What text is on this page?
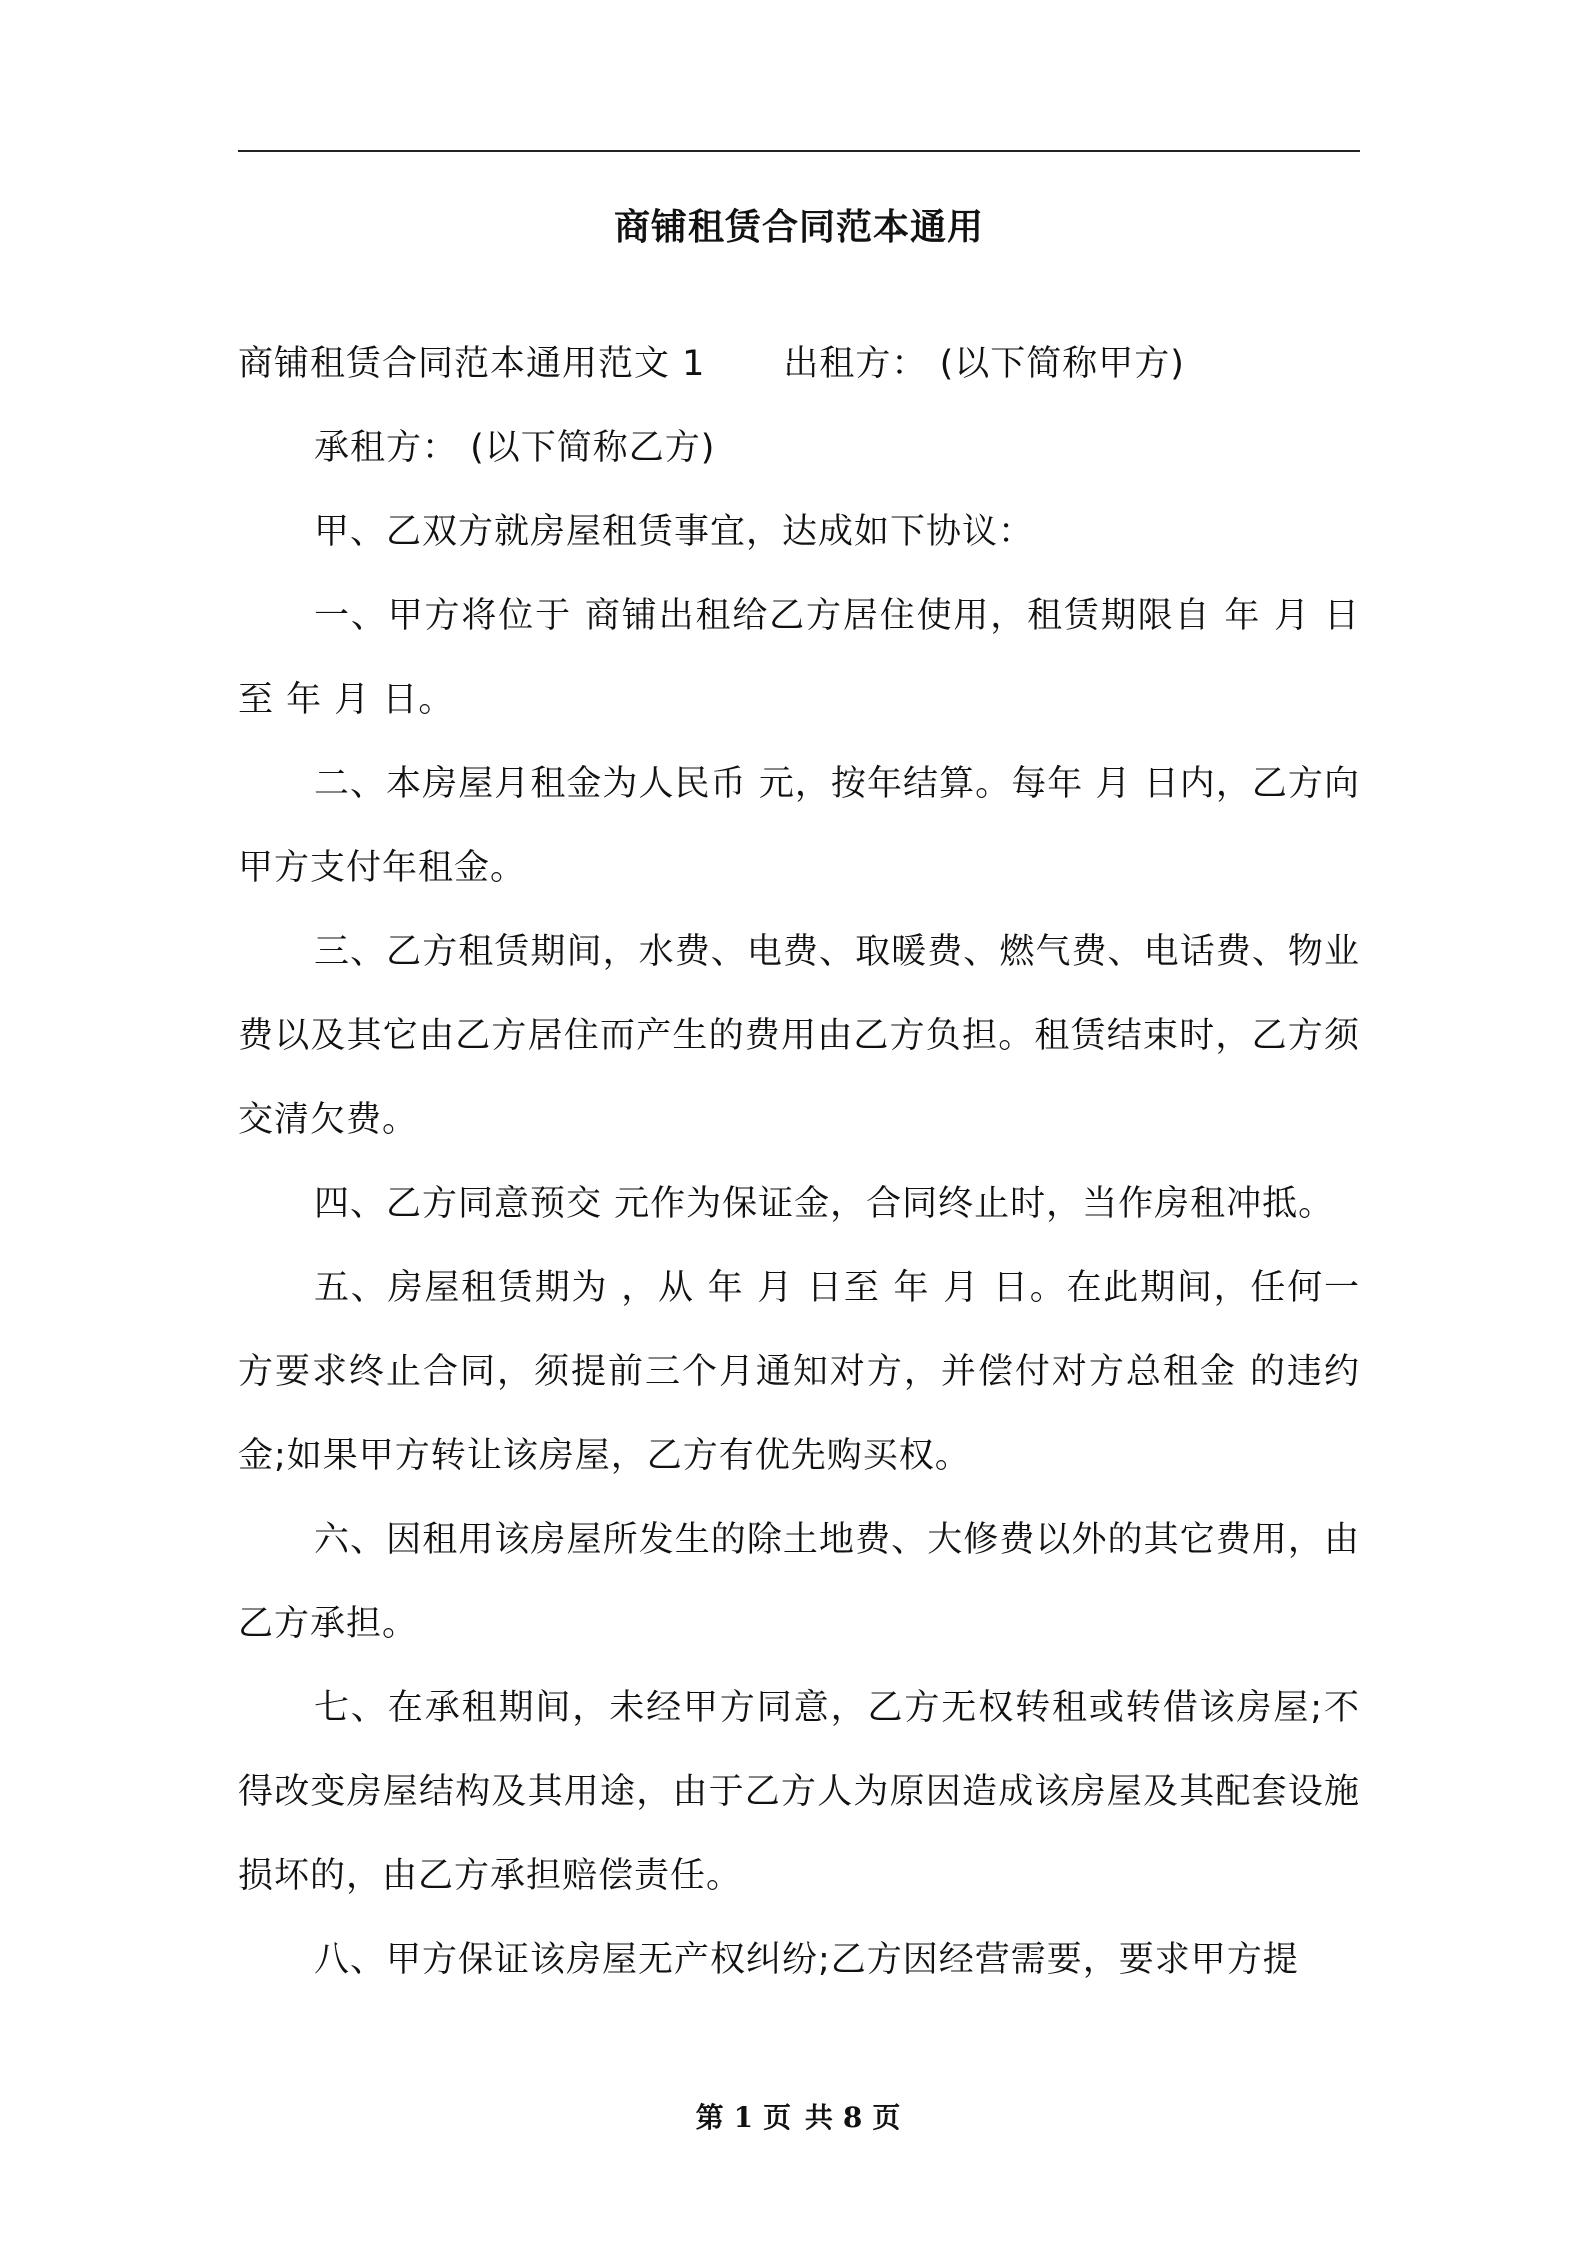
商铺租赁合同范本通用

商铺租赁合同范本通用范文 1 出租方： (以下简称甲方)

承租方： (以下简称乙方)

甲、乙双方就房屋租赁事宜，达成如下协议：

一、甲方将位于 商铺出租给乙方居住使用，租赁期限自 年 月 日至 年 月 日。

二、本房屋月租金为人民币 元，按年结算。每年 月 日内，乙方向甲方支付年租金。

三、乙方租赁期间，水费、电费、取暖费、燃气费、电话费、物业费以及其它由乙方居住而产生的费用由乙方负担。租赁结束时，乙方须交清欠费。

四、乙方同意预交 元作为保证金，合同终止时，当作房租冲抵。

五、房屋租赁期为 ，从 年 月 日至 年 月 日。在此期间，任何一方要求终止合同，须提前三个月通知对方，并偿付对方总租金 的违约金;如果甲方转让该房屋，乙方有优先购买权。

六、因租用该房屋所发生的除土地费、大修费以外的其它费用，由乙方承担。

七、在承租期间，未经甲方同意，乙方无权转租或转借该房屋;不得改变房屋结构及其用途，由于乙方人为原因造成该房屋及其配套设施损坏的，由乙方承担赔偿责任。

八、甲方保证该房屋无产权纠纷;乙方因经营需要，要求甲方提

第 1 页 共 8 页
